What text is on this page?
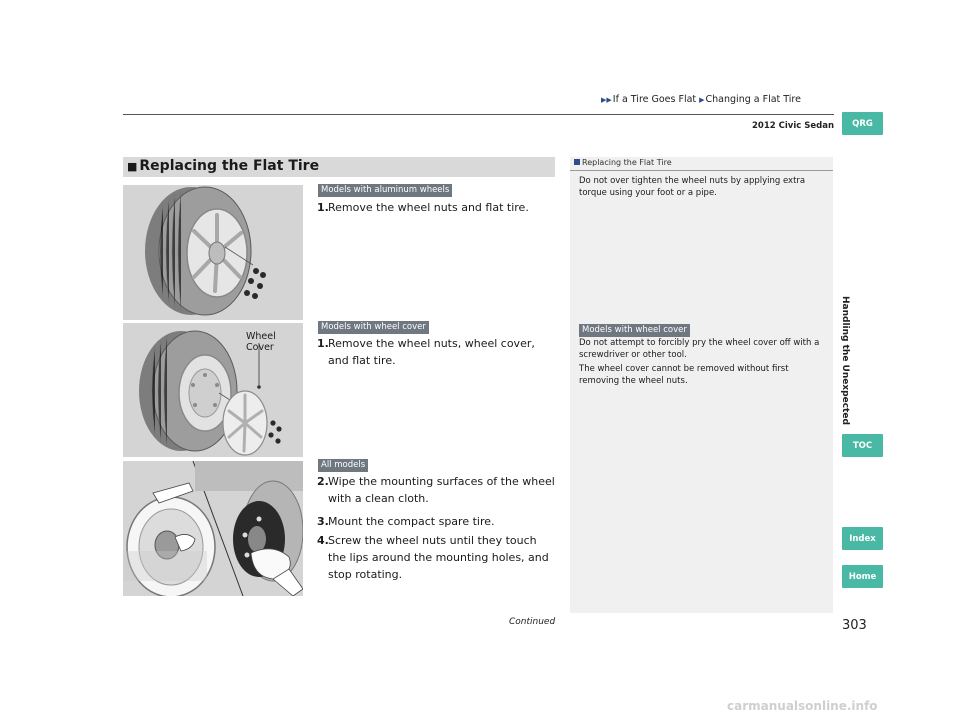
▶▶If a Tire Goes Flat ▶Changing a Flat Tire
2012 Civic Sedan	QRG
Handling the Unexpected
TOC
Index
Home
■ Replacing the Flat Tire
Wheel
Cover
Models with aluminum wheels
1. Remove the wheel nuts and flat tire.
Models with wheel cover
1. Remove the wheel nuts, wheel cover, and flat tire.
All models
2. Wipe the mounting surfaces of the wheel with a clean cloth.
3. Mount the compact spare tire.
4. Screw the wheel nuts until they touch the lips around the mounting holes, and stop rotating.
Replacing the Flat Tire
Do not over tighten the wheel nuts by applying extra torque using your foot or a pipe.
Models with wheel cover
Do not attempt to forcibly pry the wheel cover off with a screwdriver or other tool.
The wheel cover cannot be removed without first removing the wheel nuts.
Continued	303
carmanualsonline.info
